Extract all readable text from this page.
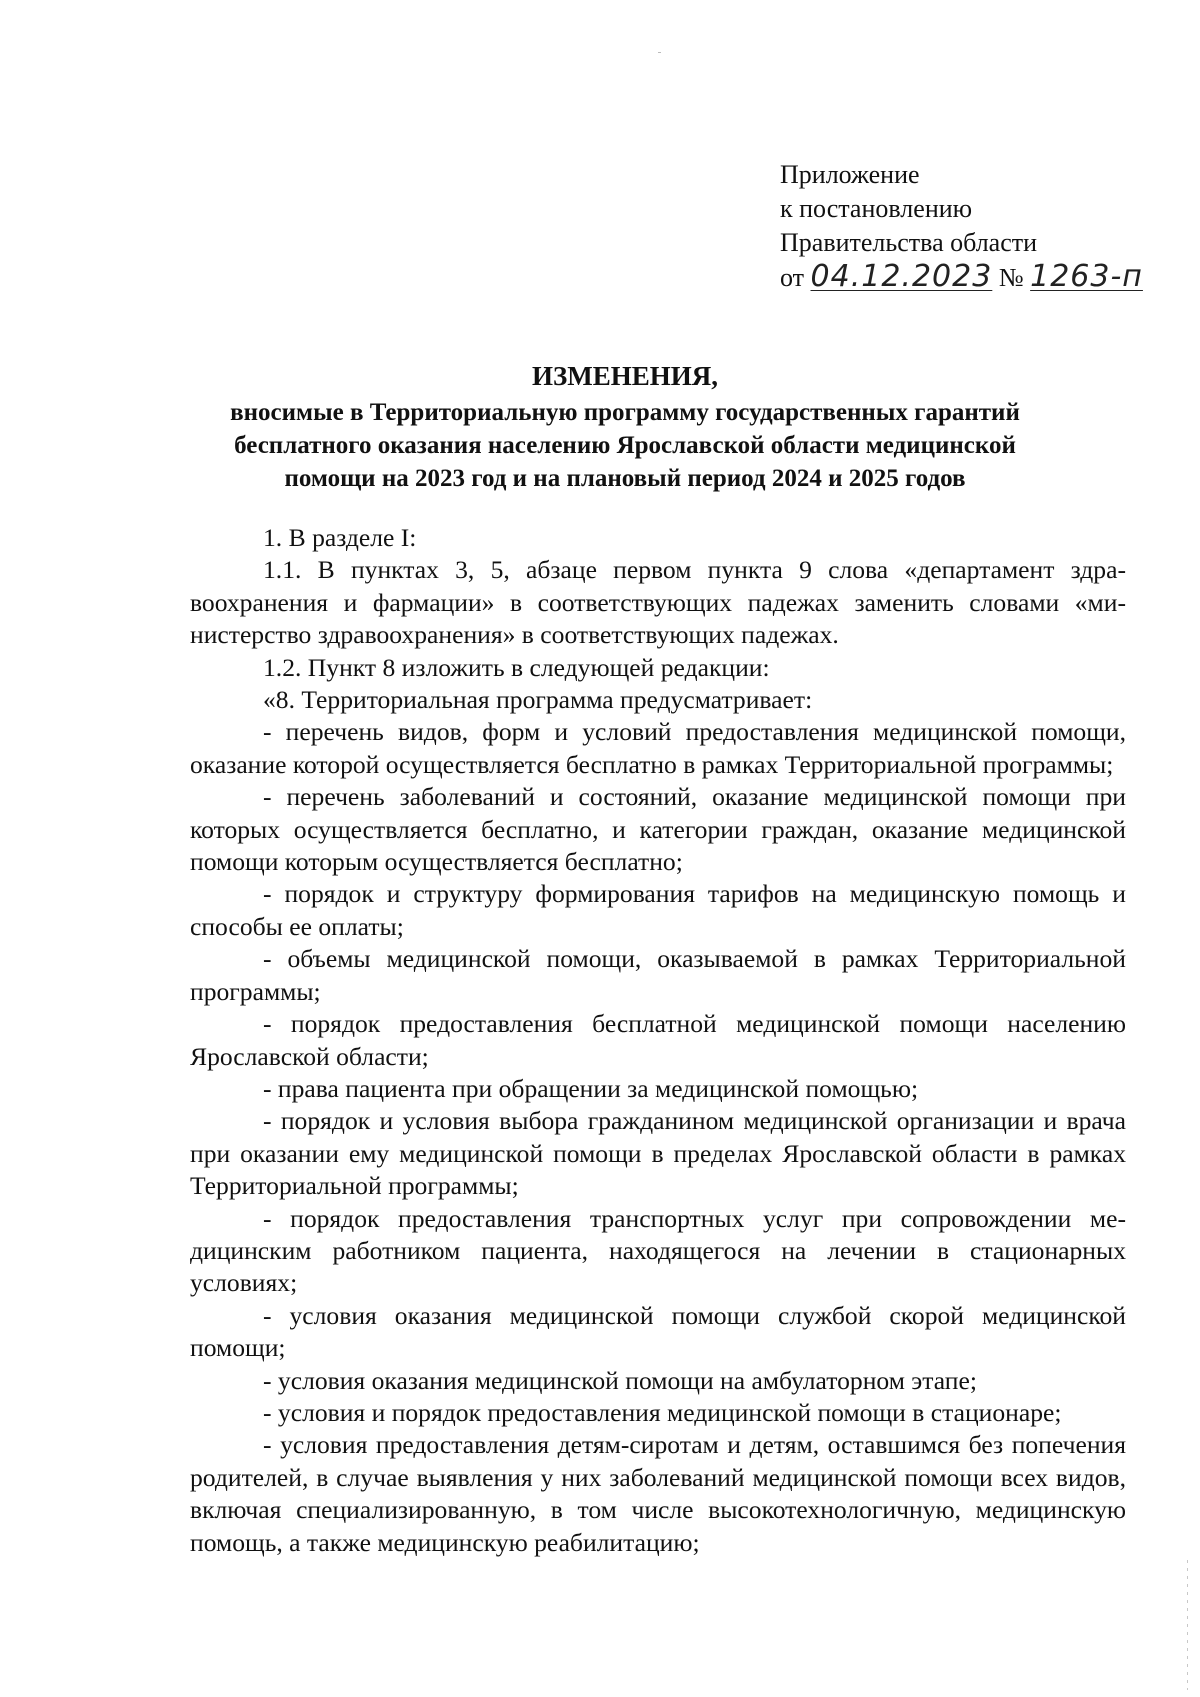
Приложение
к постановлению
Правительства области
от 04.12.2023 № 1263-п
ИЗМЕНЕНИЯ,
вносимые в Территориальную программу государственных гарантий
бесплатного оказания населению Ярославской области медицинской
помощи на 2023 год и на плановый период 2024 и 2025 годов

1. В разделе I:

1.1. В пунктах 3, 5, абзаце первом пункта 9 слова «департамент здравоохранения и фармации» в соответствующих падежах заменить словами «министерство здравоохранения» в соответствующих падежах.

1.2. Пункт 8 изложить в следующей редакции:

«8. Территориальная программа предусматривает:

- перечень видов, форм и условий предоставления медицинской помощи, оказание которой осуществляется бесплатно в рамках Территориальной программы;

- перечень заболеваний и состояний, оказание медицинской помощи при которых осуществляется бесплатно, и категории граждан, оказание медицинской помощи которым осуществляется бесплатно;

- порядок и структуру формирования тарифов на медицинскую помощь и способы ее оплаты;

- объемы медицинской помощи, оказываемой в рамках Территориальной программы;

- порядок предоставления бесплатной медицинской помощи населению Ярославской области;

- права пациента при обращении за медицинской помощью;

- порядок и условия выбора гражданином медицинской организации и врача при оказании ему медицинской помощи в пределах Ярославской области в рамках Территориальной программы;

- порядок предоставления транспортных услуг при сопровождении медицинским работником пациента, находящегося на лечении в стационарных условиях;

- условия оказания медицинской помощи службой скорой медицинской помощи;

- условия оказания медицинской помощи на амбулаторном этапе;

- условия и порядок предоставления медицинской помощи в стационаре;

- условия предоставления детям-сиротам и детям, оставшимся без попечения родителей, в случае выявления у них заболеваний медицинской помощи всех видов, включая специализированную, в том числе высокотехнологичную, медицинскую помощь, а также медицинскую реабилитацию;
